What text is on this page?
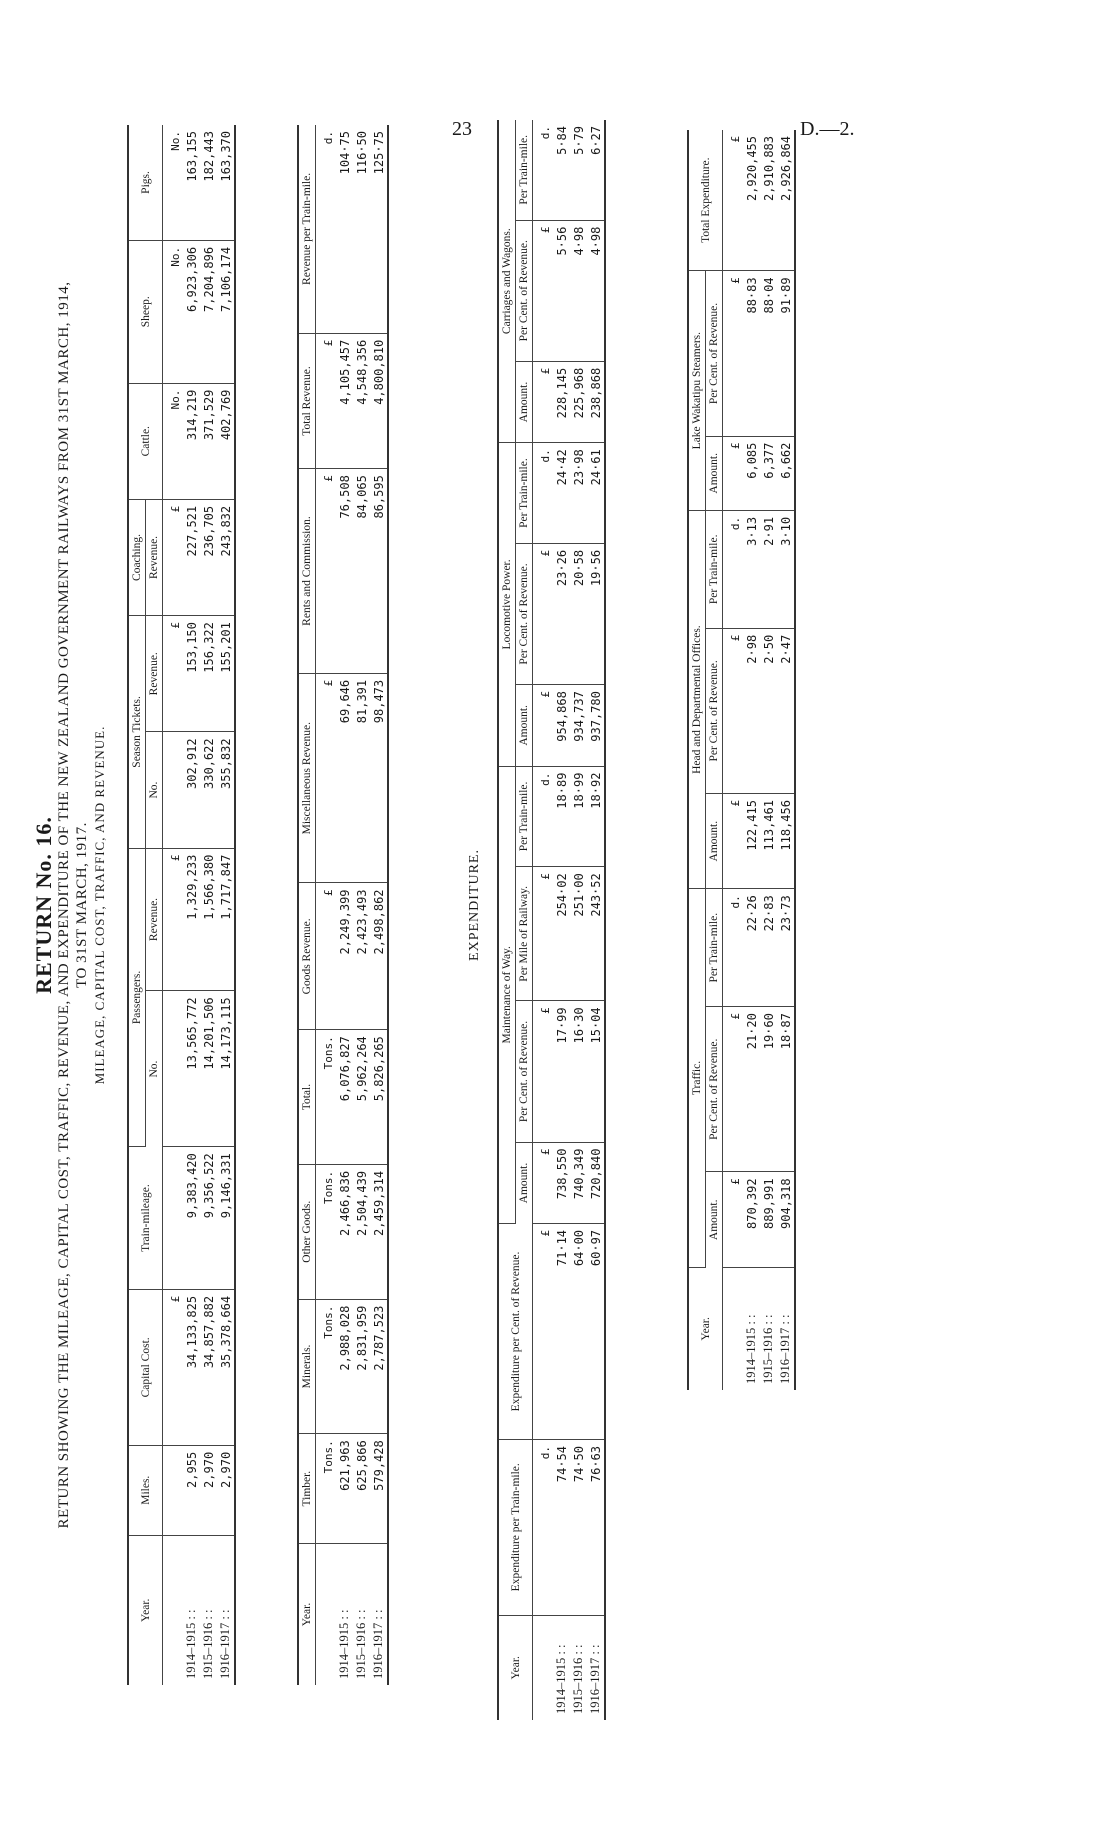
23	D.—2.
RETURN No. 16. RETURN SHOWING THE MILEAGE, CAPITAL COST, TRAFFIC, REVENUE, AND EXPENDITURE OF THE NEW ZEALAND GOVERNMENT RAILWAYS FROM 31ST MARCH, 1914, TO 31ST MARCH, 1917. MILEAGE, CAPITAL COST, TRAFFIC, AND REVENUE.
Year.	Miles.	Capital Cost.	Train-mileage.	Passengers.		Season Tickets.		Coaching.	Cattle.	Sheep.	Pigs.
				No.	Revenue.	No.	Revenue.	Revenue.			
		£			£		£	£	No.	No.	No.
1914–1915 : :	2,955	34,133,825	9,383,420	13,565,772	1,329,233	302,912	153,150	227,521	314,219	6,923,306	163,155
1915–1916 : :	2,970	34,857,882	9,356,522	14,201,506	1,566,380	330,622	156,322	236,705	371,529	7,204,896	182,443
1916–1917 : :	2,970	35,378,664	9,146,331	14,173,115	1,717,847	355,832	155,201	243,832	402,769	7,106,174	163,370
Year.	Timber.	Minerals.	Other Goods.	Total.	Goods Revenue.	Miscellaneous Revenue.	Rents and Commission.	Total Revenue.	Revenue per Train-mile.
	Tons.	Tons.	Tons.	Tons.	£	£	£	£	d.
1914–1915 : :	621,963	2,988,028	2,466,836	6,076,827	2,249,399	69,646	76,508	4,105,457	104·75
1915–1916 : :	625,866	2,831,959	2,504,439	5,962,264	2,423,493	81,391	84,065	4,548,356	116·50
1916–1917 : :	579,428	2,787,523	2,459,314	5,826,265	2,498,862	98,473	86,595	4,800,810	125·75
EXPENDITURE.
Year.	Expenditure per Train-mile.	Expenditure per Cent. of Revenue.	Maintenance of Way.				Locomotive Power.			Carriages and Wagons.		
			Amount.	Per Cent. of Revenue.	Per Mile of Railway.	Per Train-mile.	Amount.	Per Cent. of Revenue.	Per Train-mile.	Amount.	Per Cent. of Revenue.	Per Train-mile.
	d.	£	£	£	£	d.	£	£	d.	£	£	d.
1914–1915 : :	74·54	71·14	738,550	17·99	254·02	18·89	954,868	23·26	24·42	228,145	5·56	5·84
1915–1916 : :	74·50	64·00	740,349	16·30	251·00	18·99	934,737	20·58	23·98	225,968	4·98	5·79
1916–1917 : :	76·63	60·97	720,840	15·04	243·52	18·92	937,780	19·56	24·61	238,868	4·98	6·27
Year.	Traffic.			Head and Departmental Offices.			Lake Wakatipu Steamers.		Total Expenditure.
	Amount.	Per Cent. of Revenue.	Per Train-mile.	Amount.	Per Cent. of Revenue.	Per Train-mile.	Amount.	Per Cent. of Revenue.	
	£	£	d.	£	£	d.	£	£	£
1914–1915 : :	870,392	21·20	22·26	122,415	2·98	3·13	6,085	88·83	2,920,455
1915–1916 : :	889,991	19·60	22·83	113,461	2·50	2·91	6,377	88·04	2,910,883
1916–1917 : :	904,318	18·87	23·73	118,456	2·47	3·10	6,662	91·89	2,926,864
